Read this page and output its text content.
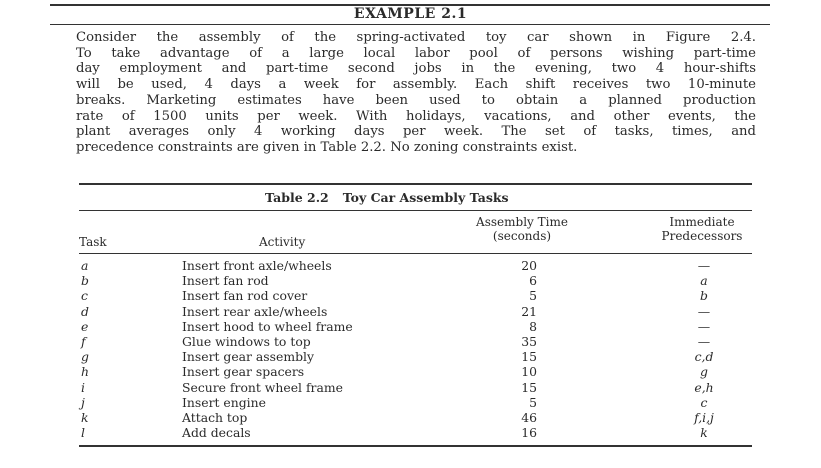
EXAMPLE 2.1
Consider the assembly of the spring-activated toy car shown in Figure 2.4.
To take advantage of a large local labor pool of persons wishing part-time
day employment and part-time second jobs in the evening, two 4 hour-shifts
will be used, 4 days a week for assembly. Each shift receives two 10-minute
breaks. Marketing estimates have been used to obtain a planned production
rate of 1500 units per week. With holidays, vacations, and other events, the
plant averages only 4 working days per week. The set of tasks, times, and
precedence constraints are given in Table 2.2. No zoning constraints exist.
Table 2.2 Toy Car Assembly Tasks
Task	Activity
Assembly Time
(seconds)
Immediate
Predecessors
a
b
c
d
e
f
g
h
i
j
k
l
Insert front axle/wheels
Insert fan rod
Insert fan rod cover
Insert rear axle/wheels
Insert hood to wheel frame
Glue windows to top
Insert gear assembly
Insert gear spacers
Secure front wheel frame
Insert engine
Attach top
Add decals
20
6
5
21
8
35
15
10
15
5
46
16
—
a
b
—
—
—
c,d
g
e,h
c
f,i,j
k
